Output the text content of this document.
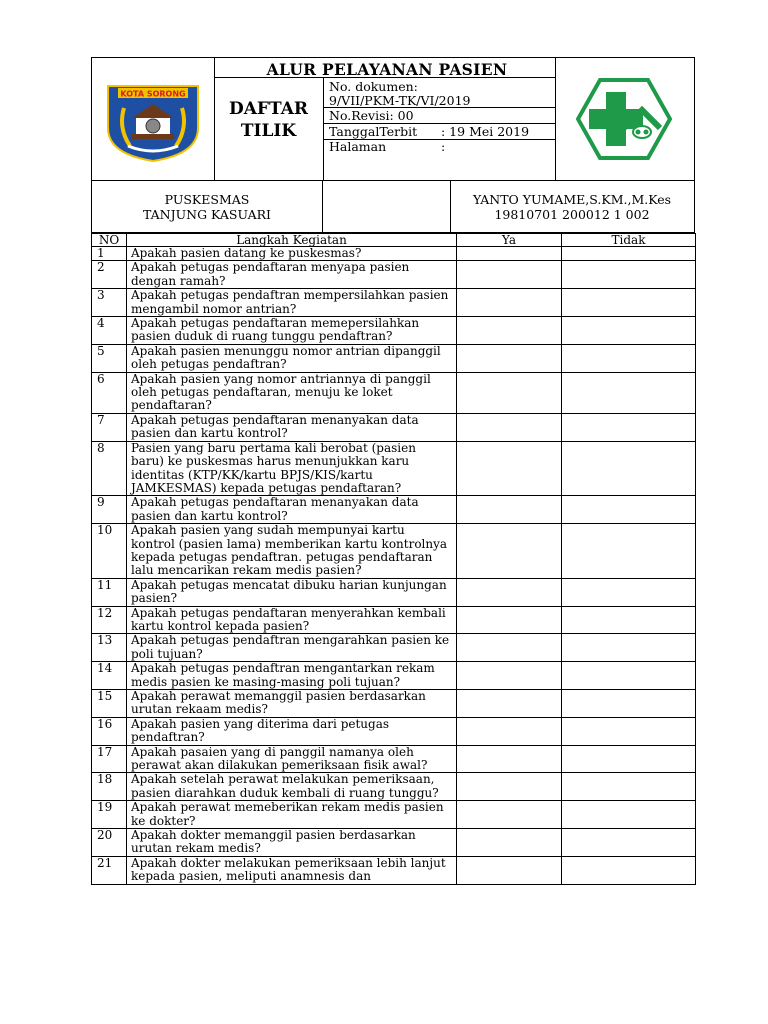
KOTA SORONG
ALUR PELAYANAN PASIEN
DAFTAR
TILIK
No. dokumen:
9/VII/PKM-TK/VI/2019
No.Revisi: 00
TanggalTerbit : 19 Mei 2019
Halaman	:
PUSKESMAS
TANJUNG KASUARI
YANTO YUMAME,S.KM.,M.Kes
19810701 200012 1 002
NO	Langkah Kegiatan	Ya	Tidak
1	Apakah pasien datang ke puskesmas?		
2	Apakah petugas pendaftaran menyapa pasien dengan ramah?		
3	Apakah petugas pendaftran mempersilahkan pasien mengambil nomor antrian?		
4	Apakah petugas pendaftaran memepersilahkan pasien duduk di ruang tunggu pendaftran?		
5	Apakah pasien menunggu nomor antrian dipanggil oleh petugas pendaftran?		
6	Apakah pasien yang nomor antriannya di panggil oleh petugas pendaftaran, menuju ke loket pendaftaran?		
7	Apakah petugas pendaftaran menanyakan data pasien dan kartu kontrol?		
8	Pasien yang baru pertama kali berobat (pasien baru) ke puskesmas harus menunjukkan karu identitas (KTP/KK/kartu BPJS/KIS/kartu JAMKESMAS) kepada petugas pendaftaran?		
9	Apakah petugas pendaftaran menanyakan data pasien dan kartu kontrol?		
10	Apakah pasien yang sudah mempunyai kartu kontrol (pasien lama) memberikan kartu kontrolnya kepada petugas pendaftran. petugas pendaftaran lalu mencarikan rekam medis pasien?		
11	Apakah petugas mencatat dibuku harian kunjungan pasien?		
12	Apakah petugas pendaftaran menyerahkan kembali kartu kontrol kepada pasien?		
13	Apakah petugas pendaftran mengarahkan pasien ke poli tujuan?		
14	Apakah petugas pendaftran mengantarkan rekam medis pasien ke masing-masing poli tujuan?		
15	Apakah perawat memanggil pasien berdasarkan urutan rekaam medis?		
16	Apakah pasien yang diterima dari petugas pendaftran?		
17	Apakah pasaien yang di panggil namanya oleh perawat akan dilakukan pemeriksaan fisik awal?		
18	Apakah setelah perawat melakukan pemeriksaan, pasien diarahkan duduk kembali di ruang tunggu?		
19	Apakah perawat memeberikan rekam medis pasien ke dokter?		
20	Apakah dokter memanggil pasien berdasarkan urutan rekam medis?		
21	Apakah dokter melakukan pemeriksaan lebih lanjut kepada pasien, meliputi anamnesis dan		
